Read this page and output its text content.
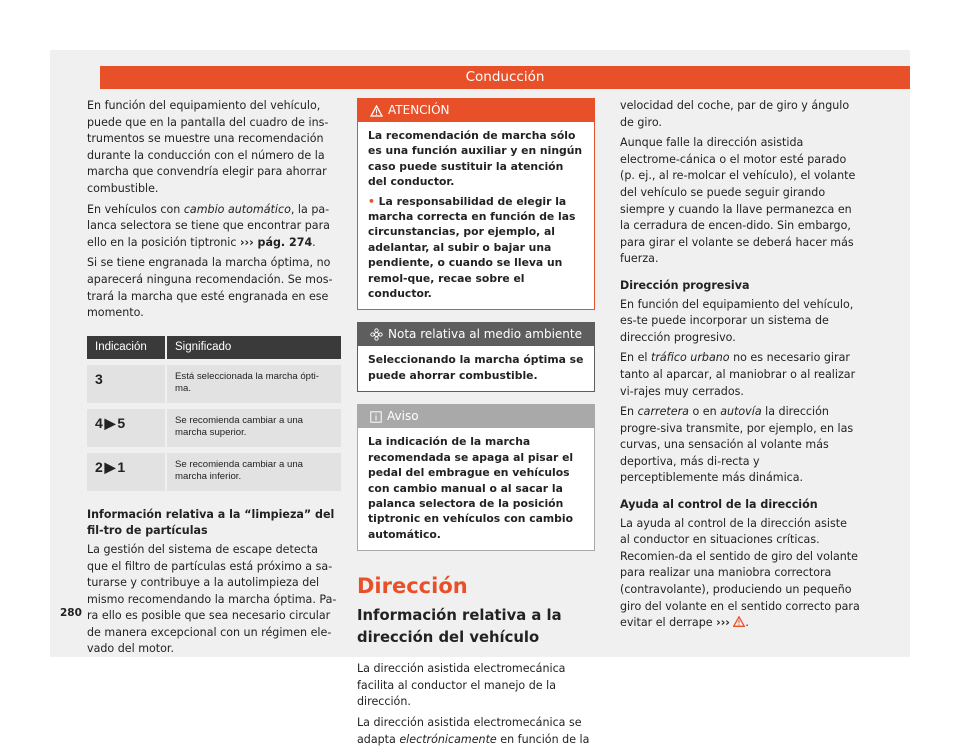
Conducción

En función del equipamiento del vehículo, puede que en la pantalla del cuadro de ins-trumentos se muestre una recomendación durante la conducción con el número de la marcha que convendría elegir para ahorrar combustible.

En vehículos con cambio automático, la pa-lanca selectora se tiene que encontrar para ello en la posición tiptronic ››› pág. 274.

Si se tiene engranada la marcha óptima, no aparecerá ninguna recomendación. Se mos-trará la marcha que esté engranada en ese momento.

Indicación	Significado
3	Está seleccionada la marcha ópti-ma.
4 ▶ 5	Se recomienda cambiar a una marcha superior.
2 ▶ 1	Se recomienda cambiar a una marcha inferior.

Información relativa a la “limpieza” del fil-tro de partículas

La gestión del sistema de escape detecta que el filtro de partículas está próximo a sa-turarse y contribuye a la autolimpieza del mismo recomendando la marcha óptima. Pa-ra ello es posible que sea necesario circular de manera excepcional con un régimen ele-vado del motor.

ATENCIÓN

La recomendación de marcha sólo es una función auxiliar y en ningún caso puede sustituir la atención del conductor.

• La responsabilidad de elegir la marcha correcta en función de las circunstancias, por ejemplo, al adelantar, al subir o bajar una pendiente, o cuando se lleva un remol-que, recae sobre el conductor.

Nota relativa al medio ambiente
Seleccionando la marcha óptima se puede ahorrar combustible.
Aviso
La indicación de la marcha recomendada se apaga al pisar el pedal del embrague en vehículos con cambio manual o al sacar la palanca selectora de la posición tiptronic en vehículos con cambio automático.
Dirección
Información relativa a la dirección del vehículo

La dirección asistida electromecánica facilita al conductor el manejo de la dirección.

La dirección asistida electromecánica se adapta electrónicamente en función de la

velocidad del coche, par de giro y ángulo de giro.

Aunque falle la dirección asistida electrome-cánica o el motor esté parado (p. ej., al re-molcar el vehículo), el volante del vehículo se puede seguir girando siempre y cuando la llave permanezca en la cerradura de encen-dido. Sin embargo, para girar el volante se deberá hacer más fuerza.

Dirección progresiva

En función del equipamiento del vehículo, es-te puede incorporar un sistema de dirección progresivo.

En el tráfico urbano no es necesario girar tanto al aparcar, al maniobrar o al realizar vi-rajes muy cerrados.

En carretera o en autovía la dirección progre-siva transmite, por ejemplo, en las curvas, una sensación al volante más deportiva, más di-recta y perceptiblemente más dinámica.

Ayuda al control de la dirección

La ayuda al control de la dirección asiste al conductor en situaciones críticas. Recomien-da el sentido de giro del volante para realizar una maniobra correctora (contravolante), produciendo un pequeño giro del volante en el sentido correcto para evitar el derrape ››› .

280
